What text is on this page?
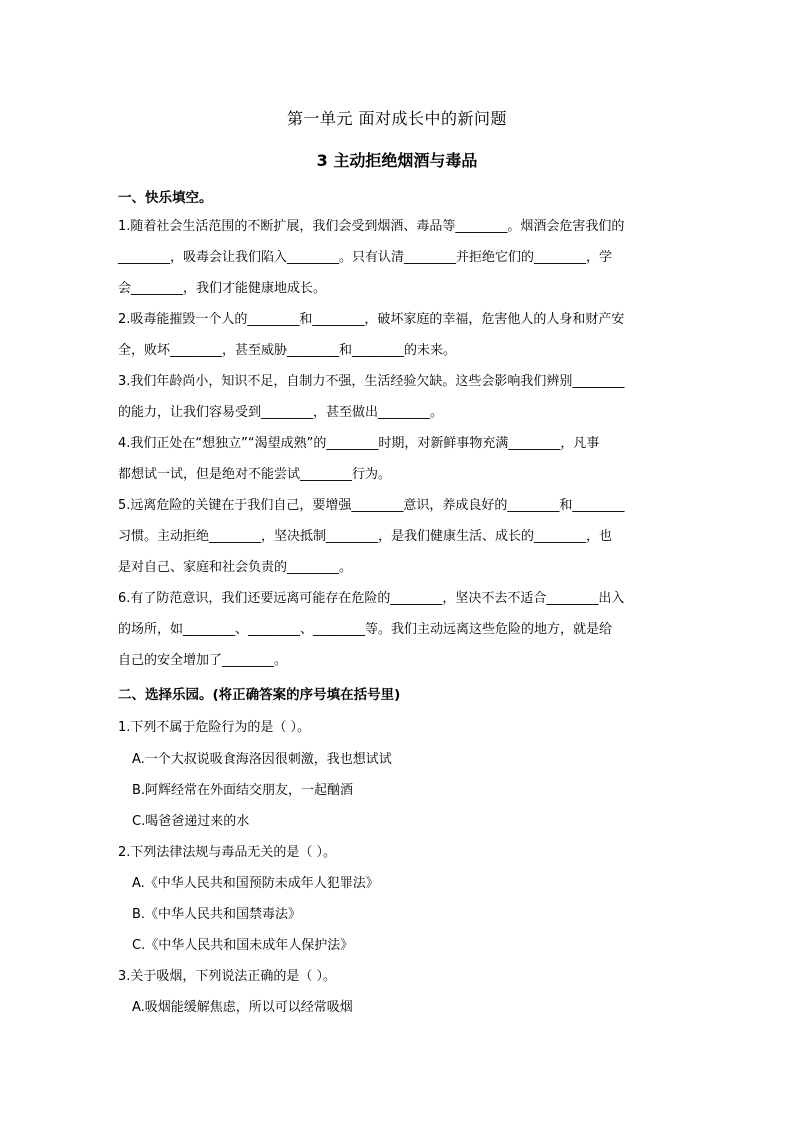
第一单元 面对成长中的新问题
3 主动拒绝烟酒与毒品
一、快乐填空。
1.随着社会生活范围的不断扩展，我们会受到烟酒、毒品等________。烟酒会危害我们的
________，吸毒会让我们陷入________。只有认清________并拒绝它们的________，学
会________，我们才能健康地成长。
2.吸毒能摧毁一个人的________和________，破坏家庭的幸福，危害他人的人身和财产安
全，败坏________，甚至威胁________和________的未来。
3.我们年龄尚小，知识不足，自制力不强，生活经验欠缺。这些会影响我们辨别________
的能力，让我们容易受到________，甚至做出________。
4.我们正处在“想独立”“渴望成熟”的________时期，对新鲜事物充满________，凡事
都想试一试，但是绝对不能尝试________行为。
5.远离危险的关键在于我们自己，要增强________意识，养成良好的________和________
习惯。主动拒绝________，坚决抵制________，是我们健康生活、成长的________，也
是对自己、家庭和社会负责的________。
6.有了防范意识，我们还要远离可能存在危险的________，坚决不去不适合________出入
的场所，如________、________、________等。我们主动远离这些危险的地方，就是给
自己的安全增加了________。
二、选择乐园。(将正确答案的序号填在括号里)
1.下列不属于危险行为的是（ ）。
A.一个大叔说吸食海洛因很刺激，我也想试试
B.阿辉经常在外面结交朋友，一起酗酒
C.喝爸爸递过来的水
2.下列法律法规与毒品无关的是（ ）。
A.《中华人民共和国预防未成年人犯罪法》
B.《中华人民共和国禁毒法》
C.《中华人民共和国未成年人保护法》
3.关于吸烟，下列说法正确的是（ ）。
A.吸烟能缓解焦虑，所以可以经常吸烟
